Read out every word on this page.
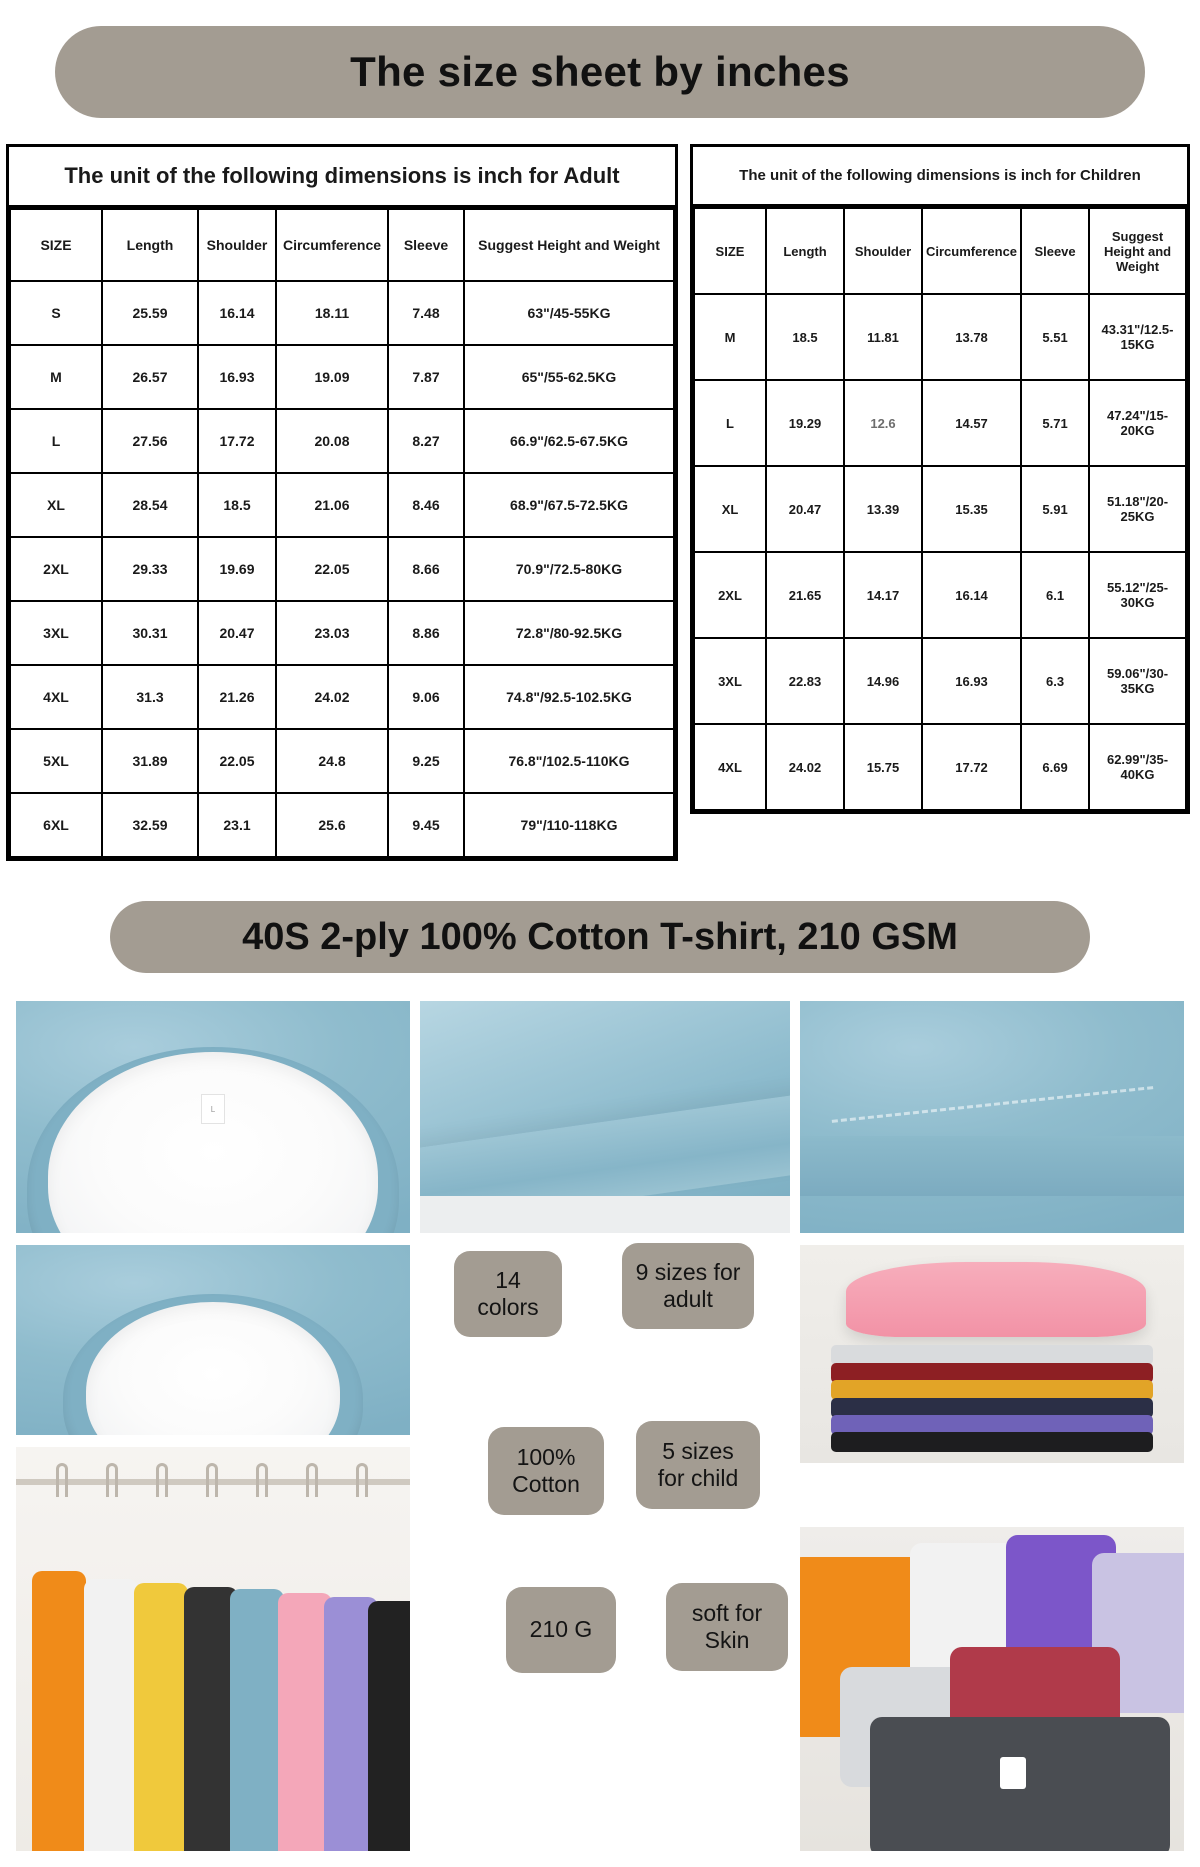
The size sheet by inches
The unit of the following dimensions is inch for Adult
SIZE	Length	Shoulder	Circumference	Sleeve	Suggest Height and Weight
S	25.59	16.14	18.11	7.48	63"/45-55KG
M	26.57	16.93	19.09	7.87	65"/55-62.5KG
L	27.56	17.72	20.08	8.27	66.9"/62.5-67.5KG
XL	28.54	18.5	21.06	8.46	68.9"/67.5-72.5KG
2XL	29.33	19.69	22.05	8.66	70.9"/72.5-80KG
3XL	30.31	20.47	23.03	8.86	72.8"/80-92.5KG
4XL	31.3	21.26	24.02	9.06	74.8"/92.5-102.5KG
5XL	31.89	22.05	24.8	9.25	76.8"/102.5-110KG
6XL	32.59	23.1	25.6	9.45	79"/110-118KG
The unit of the following dimensions is inch for Children
SIZE	Length	Shoulder	Circumference	Sleeve	Suggest Height and Weight
M	18.5	11.81	13.78	5.51	43.31"/12.5-15KG
L	19.29	12.6	14.57	5.71	47.24"/15-20KG
XL	20.47	13.39	15.35	5.91	51.18"/20-25KG
2XL	21.65	14.17	16.14	6.1	55.12"/25-30KG
3XL	22.83	14.96	16.93	6.3	59.06"/30-35KG
4XL	24.02	15.75	17.72	6.69	62.99"/35-40KG
40S 2-ply 100% Cotton T-shirt, 210 GSM
L
14 colors
9 sizes for adult
100% Cotton
5 sizes for child
210 G
soft for Skin
